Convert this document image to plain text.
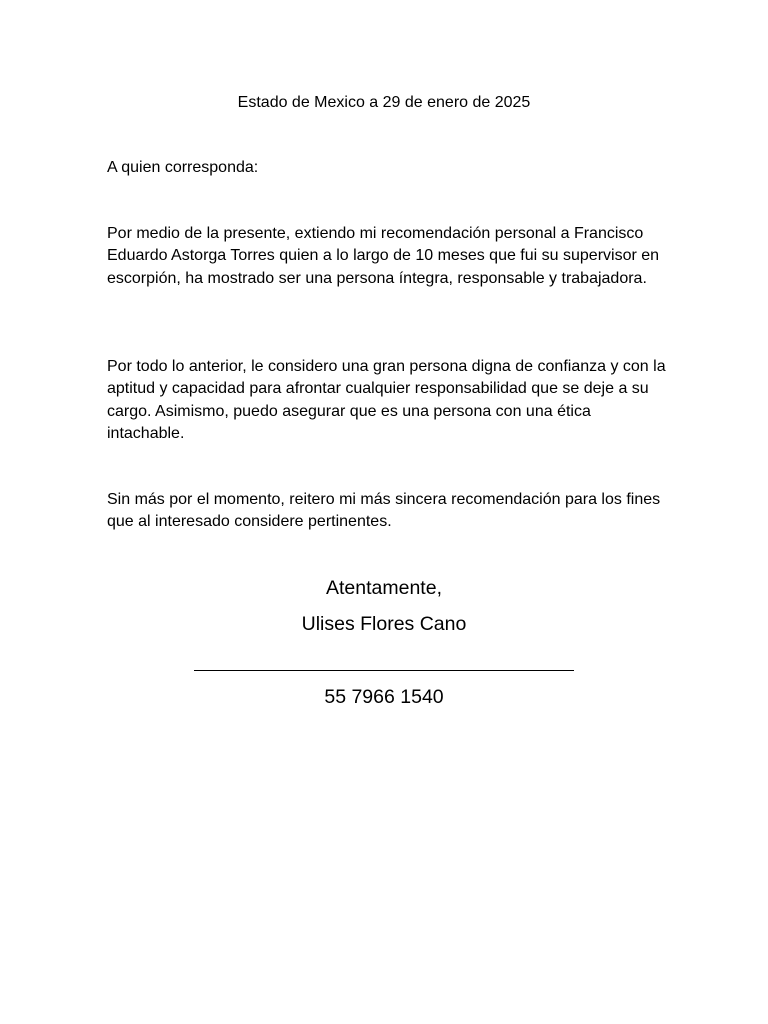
Estado de Mexico a 29 de enero de 2025
A quien corresponda:

Por medio de la presente, extiendo mi recomendación personal a Francisco Eduardo Astorga Torres quien a lo largo de 10 meses que fui su supervisor en escorpión, ha mostrado ser una persona íntegra, responsable y trabajadora.

Por todo lo anterior, le considero una gran persona digna de confianza y con la aptitud y capacidad para afrontar cualquier responsabilidad que se deje a su cargo. Asimismo, puedo asegurar que es una persona con una ética intachable.

Sin más por el momento, reitero mi más sincera recomendación para los fines que al interesado considere pertinentes.

Atentamente,
Ulises Flores Cano
55 7966 1540
